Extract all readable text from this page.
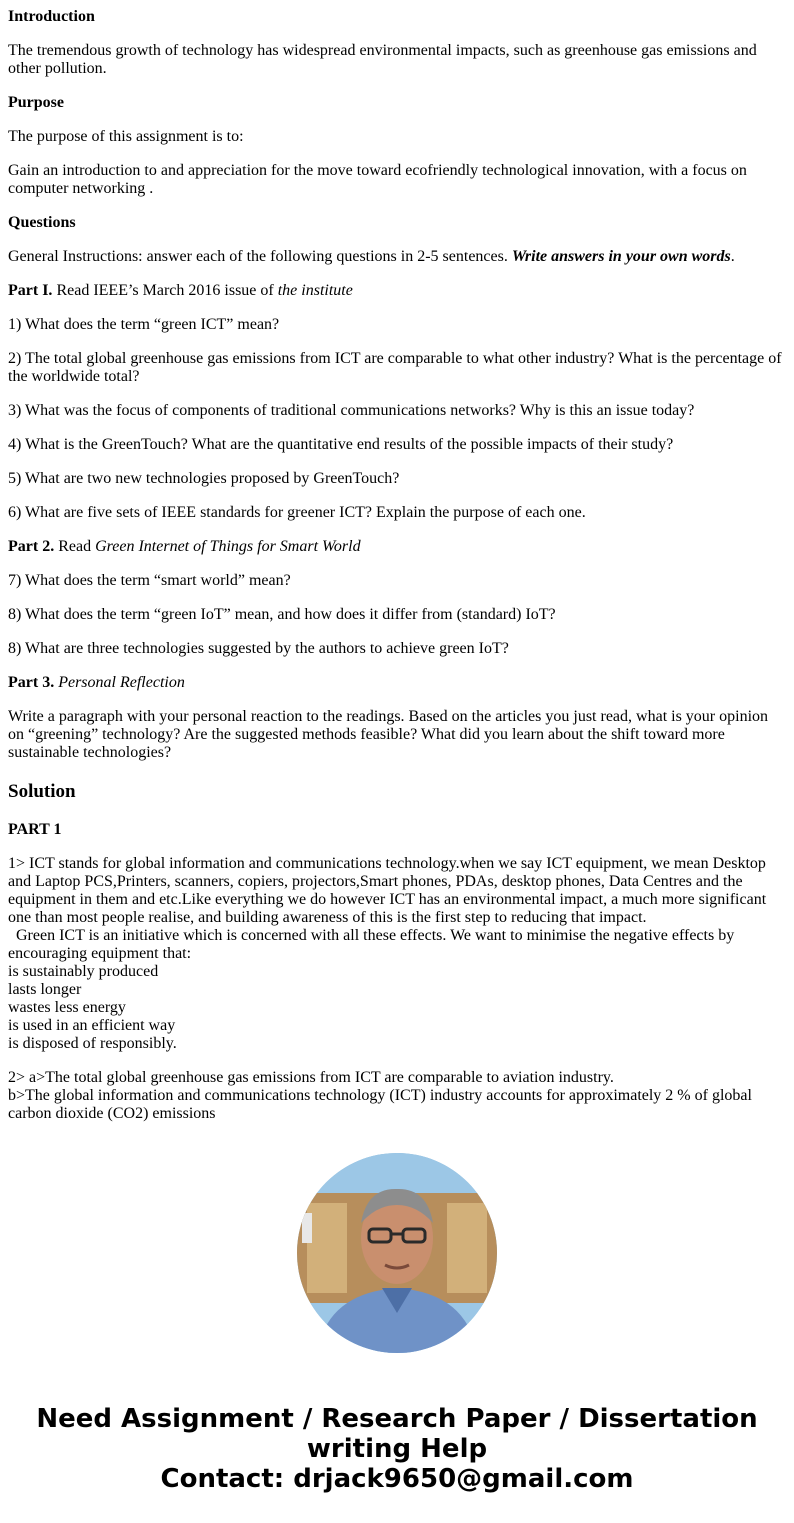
Introduction

The tremendous growth of technology has widespread environmental impacts, such as greenhouse gas emissions and other pollution.

Purpose

The purpose of this assignment is to:

Gain an introduction to and appreciation for the move toward ecofriendly technological innovation, with a focus on computer networking .

Questions

General Instructions: answer each of the following questions in 2-5 sentences. Write answers in your own words.

Part I. Read IEEE’s March 2016 issue of the institute

1) What does the term “green ICT” mean?

2) The total global greenhouse gas emissions from ICT are comparable to what other industry? What is the percentage of the worldwide total?

3) What was the focus of components of traditional communications networks? Why is this an issue today?

4) What is the GreenTouch? What are the quantitative end results of the possible impacts of their study?

5) What are two new technologies proposed by GreenTouch?

6) What are five sets of IEEE standards for greener ICT? Explain the purpose of each one.

Part 2. Read Green Internet of Things for Smart World

7) What does the term “smart world” mean?

8) What does the term “green IoT” mean, and how does it differ from (standard) IoT?

8) What are three technologies suggested by the authors to achieve green IoT?

Part 3. Personal Reflection

Write a paragraph with your personal reaction to the readings. Based on the articles you just read, what is your opinion on “greening” technology? Are the suggested methods feasible? What did you learn about the shift toward more sustainable technologies?

Solution

PART 1

1> ICT stands for global information and communications technology.when we say ICT equipment, we mean Desktop and Laptop PCS,Printers, scanners, copiers, projectors,Smart phones, PDAs, desktop phones, Data Centres and the equipment in them and etc.Like everything we do however ICT has an environmental impact, a much more significant one than most people realise, and building awareness of this is the first step to reducing that impact.
Green ICT is an initiative which is concerned with all these effects. We want to minimise the negative effects by encouraging equipment that:
is sustainably produced
lasts longer
wastes less energy
is used in an efficient way
is disposed of responsibly.
2> a>The total global greenhouse gas emissions from ICT are comparable to aviation industry.
b>The global information and communications technology (ICT) industry accounts for approximately 2 % of global carbon dioxide (CO2) emissions
Need Assignment / Research Paper / Dissertation
writing Help
Contact: drjack9650@gmail.com
